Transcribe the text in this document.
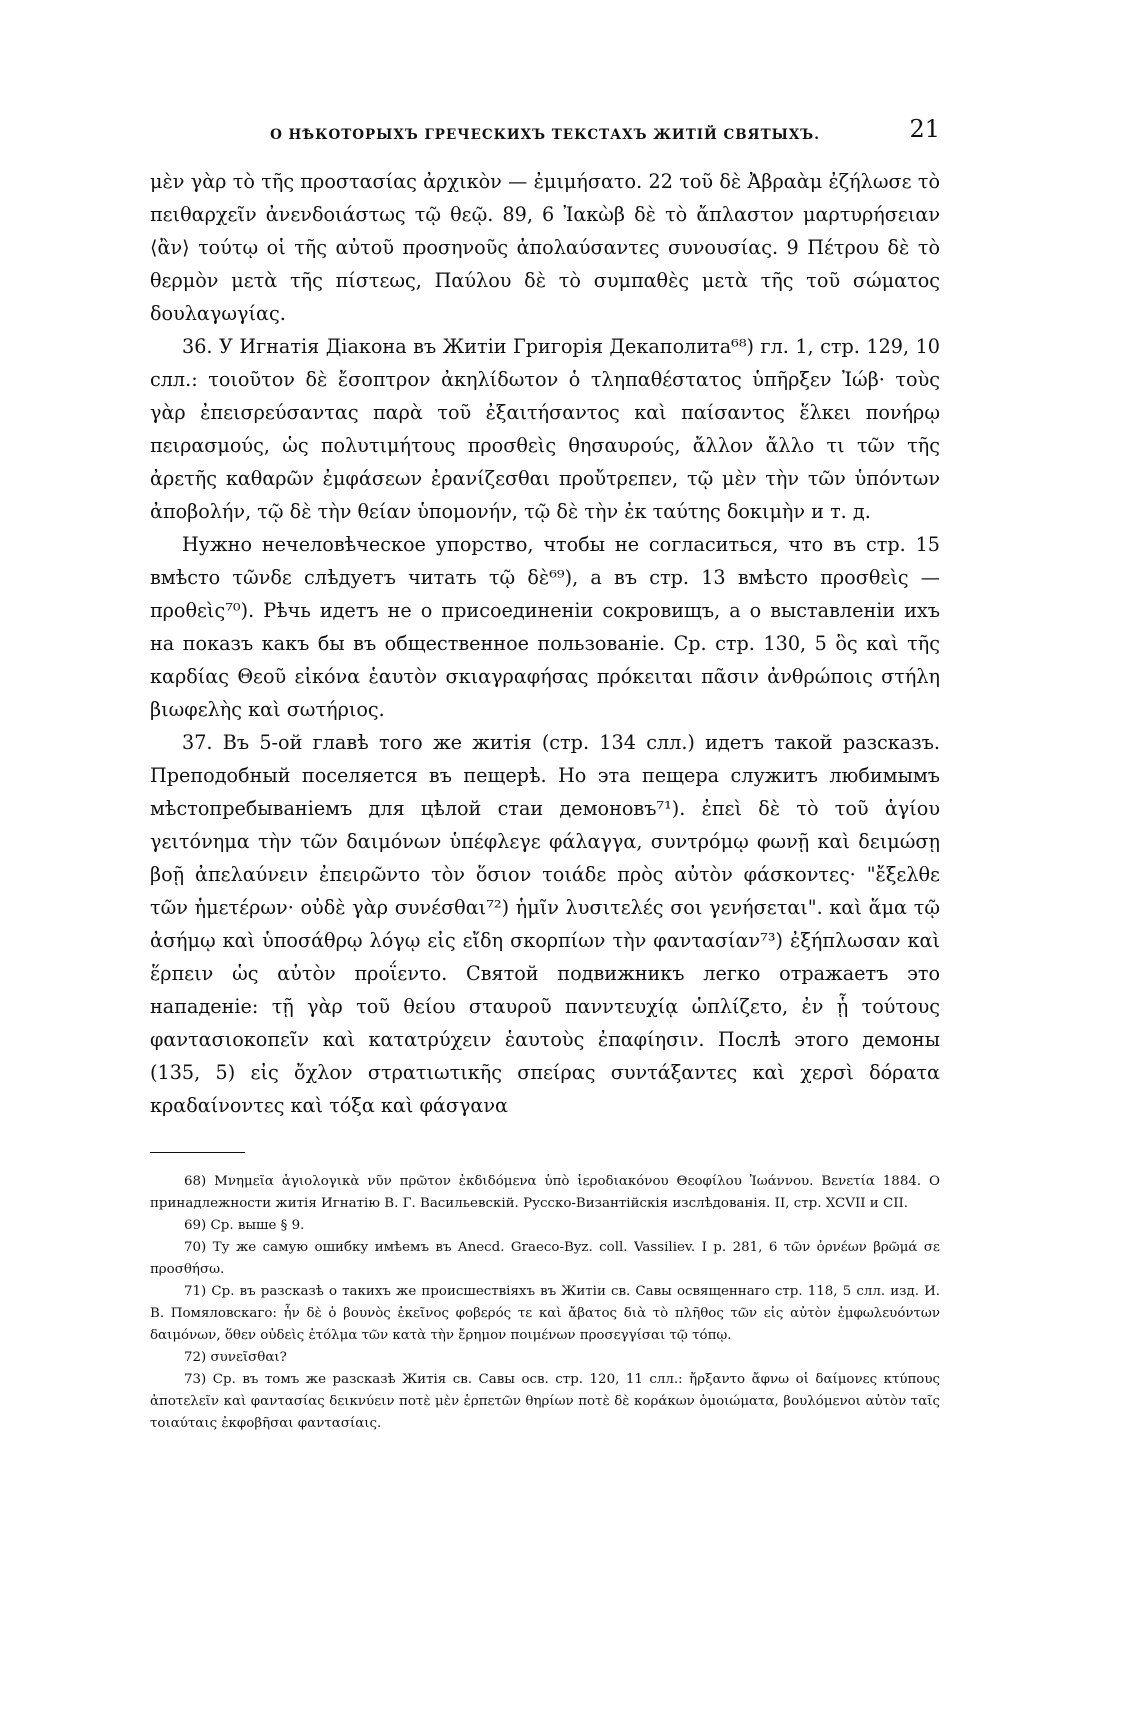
О НѢКОТОРЫХЪ ГРЕЧЕСКИХЪ ТЕКСТАХЪ ЖИТІЙ СВЯТЫХЪ.	21

μὲν γὰρ τὸ τῆς προστασίας ἀρχικὸν — ἐμιμήσατο. 22 τοῦ δὲ Ἀβραὰμ ἐζήλωσε τὸ πειθαρχεῖν ἀνενδοιάστως τῷ θεῷ. 89, 6 Ἰακὼβ δὲ τὸ ἄπλαστον μαρτυρήσειαν ⟨ἂν⟩ τούτῳ οἱ τῆς αὐτοῦ προσηνοῦς ἀπολαύσαντες συνουσίας. 9 Πέτρου δὲ τὸ θερμὸν μετὰ τῆς πίστεως, Παύλου δὲ τὸ συμπαθὲς μετὰ τῆς τοῦ σώματος δουλαγωγίας.

36. У Игнатія Діакона въ Житіи Григорія Декаполита⁶⁸) гл. 1, стр. 129, 10 слл.: τοιοῦτον δὲ ἔσοπτρον ἀκηλίδωτον ὁ τληπαθέστατος ὑπῆρξεν Ἰώβ· τοὺς γὰρ ἐπεισρεύσαντας παρὰ τοῦ ἐξαιτήσαντος καὶ παίσαντος ἕλκει πονήρῳ πειρασμούς, ὡς πολυτιμήτους προσθεὶς θησαυρούς, ἄλλον ἄλλο τι τῶν τῆς ἀρετῆς καθαρῶν ἐμφάσεων ἐρανίζεσθαι προὔτρεπεν, τῷ μὲν τὴν τῶν ὑπόντων ἀποβολήν, τῷ δὲ τὴν θείαν ὑπομονήν, τῷ δὲ τὴν ἐκ ταύτης δοκιμὴν и т. д.

Нужно нечеловѣческое упорство, чтобы не согласиться, что въ стр. 15 вмѣсто τῶνδε слѣдуетъ читать τῷ δὲ⁶⁹), а въ стр. 13 вмѣсто προσθεὶς — προθεὶς⁷⁰). Рѣчь идетъ не о присоединеніи сокровищъ, а о выставленіи ихъ на показъ какъ бы въ общественное пользованіе. Ср. стр. 130, 5 ὃς καὶ τῆς καρδίας Θεοῦ εἰκόνα ἑαυτὸν σκιαγραφήσας πρόκειται πᾶσιν ἀνθρώποις στήλη βιωφελὴς καὶ σωτήριος.

37. Въ 5-ой главѣ того же житія (стр. 134 слл.) идетъ такой разсказъ. Преподобный поселяется въ пещерѣ. Но эта пещера служитъ любимымъ мѣстопребываніемъ для цѣлой стаи демоновъ⁷¹). ἐπεὶ δὲ τὸ τοῦ ἁγίου γειτόνημα τὴν τῶν δαιμόνων ὑπέφλεγε φάλαγγα, συντρόμῳ φωνῇ καὶ δειμώσῃ βοῇ ἀπελαύνειν ἐπειρῶντο τὸν ὅσιον τοιάδε πρὸς αὐτὸν φάσκοντες· "ἔξελθε τῶν ἡμετέρων· οὐδὲ γὰρ συνέσθαι⁷²) ἡμῖν λυσιτελές σοι γενήσεται". καὶ ἅμα τῷ ἀσήμῳ καὶ ὑποσάθρῳ λόγῳ εἰς εἴδη σκορπίων τὴν φαντασίαν⁷³) ἐξήπλωσαν καὶ ἕρπειν ὡς αὐτὸν προΐεντο. Святой подвижникъ легко отражаетъ это нападеніе: τῇ γὰρ τοῦ θείου σταυροῦ πανντευχίᾳ ὡπλίζετο, ἐν ᾗ τούτους φαντασιοκοπεῖν καὶ κατατρύχειν ἑαυτοὺς ἐπαφίησιν. Послѣ этого демоны (135, 5) εἰς ὄχλον στρατιωτικῆς σπείρας συντάξαντες καὶ χερσὶ δόρατα κραδαίνοντες καὶ τόξα καὶ φάσγανα

68) Μνημεῖα ἁγιολογικὰ νῦν πρῶτον ἐκδιδόμενα ὑπὸ ἱεροδιακόνου Θεοφίλου Ἰωάννου. Βενετία 1884. О принадлежности житія Игнатію В. Г. Васильевскій. Русско-Византійскія изслѣдованія. II, стр. XCVII и CII.

69) Ср. выше § 9.

70) Ту же самую ошибку имѣемъ въ Anecd. Graeco-Byz. coll. Vassiliev. I р. 281, 6 τῶν ὀρνέων βρῶμά σε προσθήσω.

71) Ср. въ разсказѣ о такихъ же происшествіяхъ въ Житіи св. Савы освященнаго стр. 118, 5 слл. изд. И. В. Помяловскаго: ἦν δὲ ὁ βουνὸς ἐκεῖνος φοβερός τε καὶ ἄβατος διὰ τὸ πλῆθος τῶν εἰς αὐτὸν ἐμφωλευόντων δαιμόνων, ὅθεν οὐδεὶς ἐτόλμα τῶν κατὰ τὴν ἔρημον ποιμένων προσεγγίσαι τῷ τόπῳ.

72) συνεῖσθαι?

73) Ср. въ томъ же разсказѣ Житія св. Савы осв. стр. 120, 11 слл.: ἤρξαντο ἄφνω οἱ δαίμονες κτύπους ἀποτελεῖν καὶ φαντασίας δεικνύειν ποτὲ μὲν ἑρπετῶν θηρίων ποτὲ δὲ κοράκων ὁμοιώματα, βουλόμενοι αὐτὸν ταῖς τοιαύταις ἐκφοβῆσαι φαντασίαις.
